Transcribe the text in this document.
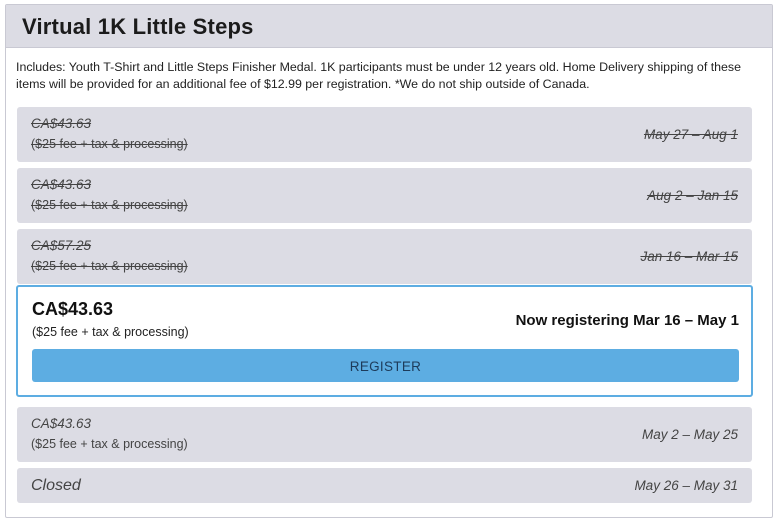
Virtual 1K Little Steps
Includes: Youth T-Shirt and Little Steps Finisher Medal. 1K participants must be under 12 years old. Home Delivery shipping of these items will be provided for an additional fee of $12.99 per registration. *We do not ship outside of Canada.
CA$43.63
($25 fee + tax & processing)
May 27 – Aug 1
CA$43.63
($25 fee + tax & processing)
Aug 2 – Jan 15
CA$57.25
($25 fee + tax & processing)
Jan 16 – Mar 15
CA$43.63
($25 fee + tax & processing)
Now registering Mar 16 – May 1
REGISTER
CA$43.63
($25 fee + tax & processing)
May 2 – May 25
Closed	May 26 – May 31
